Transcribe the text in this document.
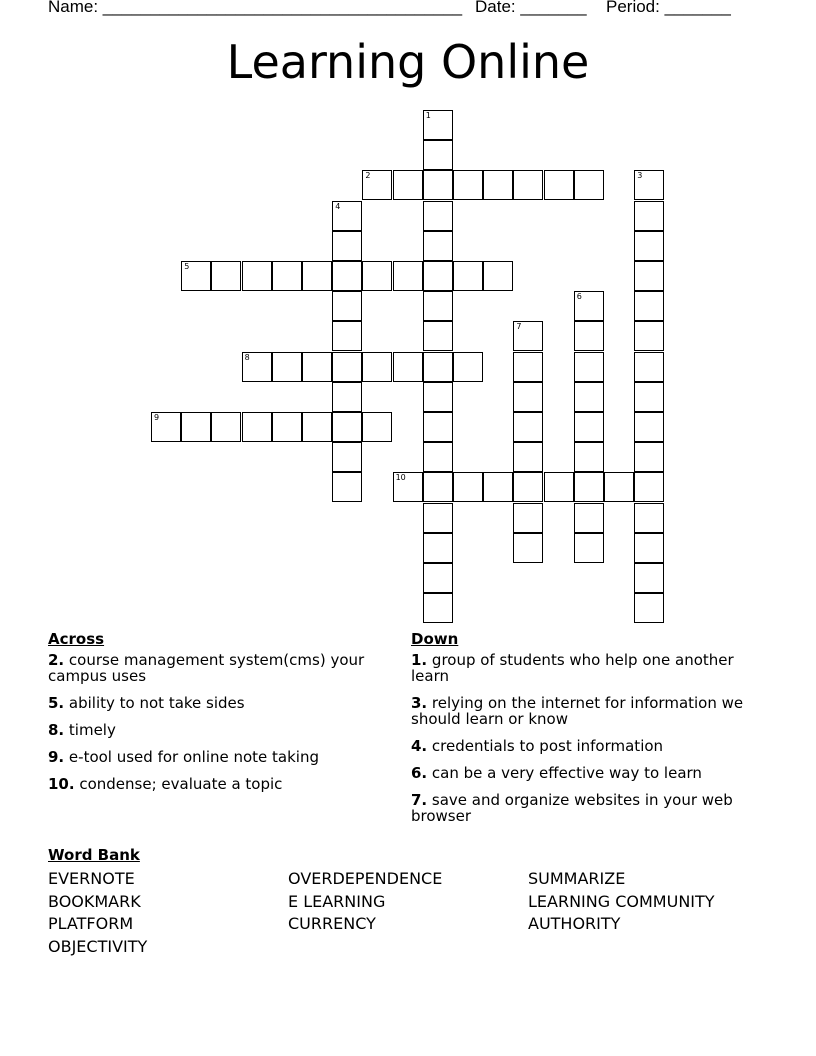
Name: ______________________________________ Date: _______ Period: _______
Learning Online
1
2	3
4
5
6
7
8
9
10
Across
2. course management system(cms) your campus uses
5. ability to not take sides
8. timely
9. e-tool used for online note taking
10. condense; evaluate a topic
Down
1. group of students who help one another learn
3. relying on the internet for information we should learn or know
4. credentials to post information
6. can be a very effective way to learn
7. save and organize websites in your web browser
Word Bank
EVERNOTE	OVERDEPENDENCE	SUMMARIZE
BOOKMARK	E LEARNING	LEARNING COMMUNITY
PLATFORM	CURRENCY	AUTHORITY
OBJECTIVITY
